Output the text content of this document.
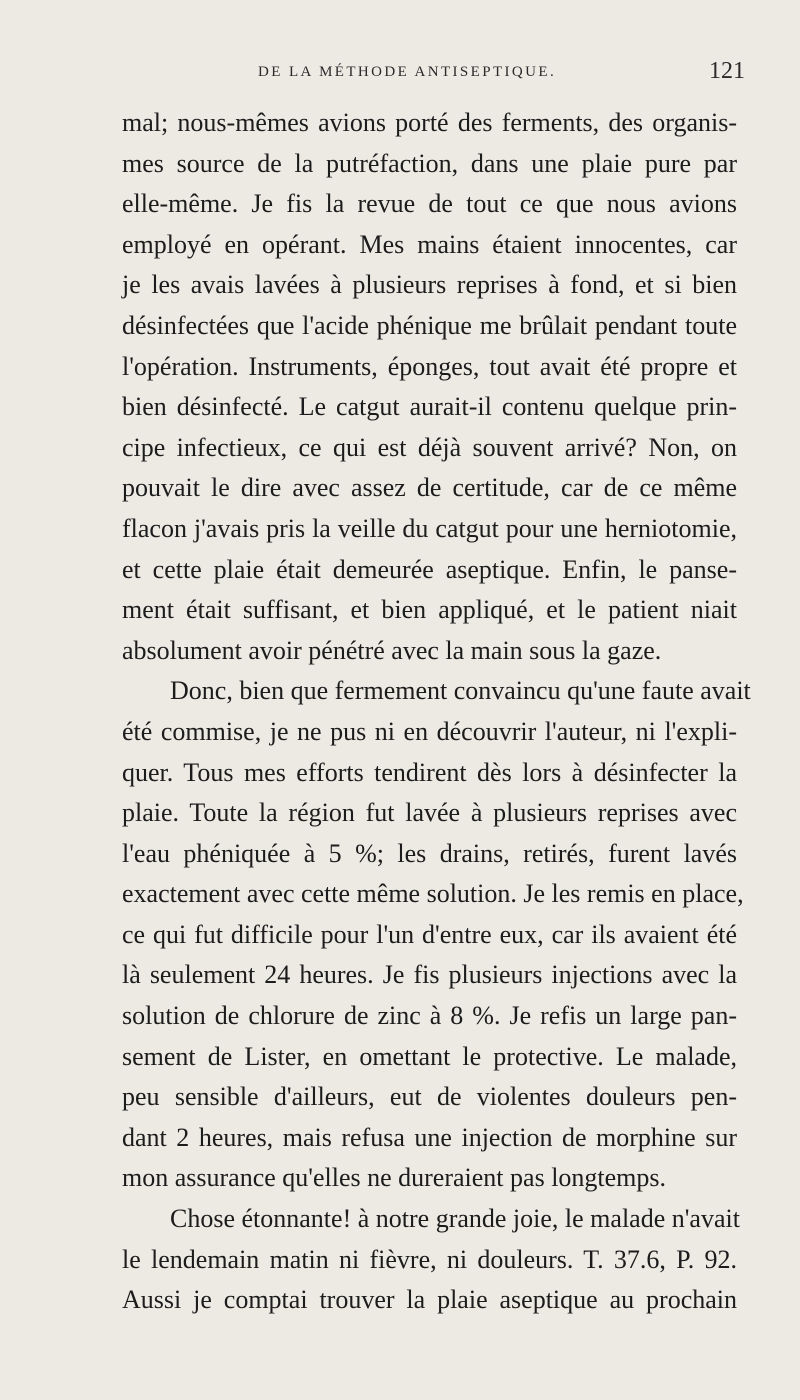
DE LA MÉTHODE ANTISEPTIQUE.	121
mal; nous-mêmes avions porté des ferments, des organis-
mes source de la putréfaction, dans une plaie pure par
elle-même. Je fis la revue de tout ce que nous avions
employé en opérant. Mes mains étaient innocentes, car
je les avais lavées à plusieurs reprises à fond, et si bien
désinfectées que l'acide phénique me brûlait pendant toute
l'opération. Instruments, éponges, tout avait été propre et
bien désinfecté. Le catgut aurait-il contenu quelque prin-
cipe infectieux, ce qui est déjà souvent arrivé? Non, on
pouvait le dire avec assez de certitude, car de ce même
flacon j'avais pris la veille du catgut pour une herniotomie,
et cette plaie était demeurée aseptique. Enfin, le panse-
ment était suffisant, et bien appliqué, et le patient niait
absolument avoir pénétré avec la main sous la gaze.
Donc, bien que fermement convaincu qu'une faute avait
été commise, je ne pus ni en découvrir l'auteur, ni l'expli-
quer. Tous mes efforts tendirent dès lors à désinfecter la
plaie. Toute la région fut lavée à plusieurs reprises avec
l'eau phéniquée à 5 %; les drains, retirés, furent lavés
exactement avec cette même solution. Je les remis en place,
ce qui fut difficile pour l'un d'entre eux, car ils avaient été
là seulement 24 heures. Je fis plusieurs injections avec la
solution de chlorure de zinc à 8 %. Je refis un large pan-
sement de Lister, en omettant le protective. Le malade,
peu sensible d'ailleurs, eut de violentes douleurs pen-
dant 2 heures, mais refusa une injection de morphine sur
mon assurance qu'elles ne dureraient pas longtemps.
Chose étonnante! à notre grande joie, le malade n'avait
le lendemain matin ni fièvre, ni douleurs. T. 37.6, P. 92.
Aussi je comptai trouver la plaie aseptique au prochain
